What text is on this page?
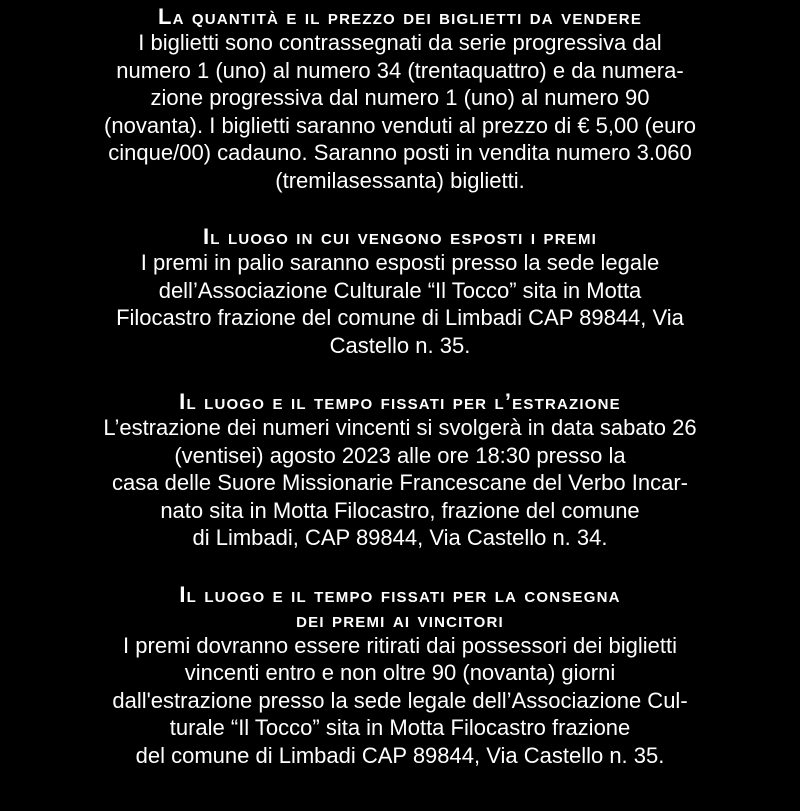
La quantità e il prezzo dei biglietti da vendere
I biglietti sono contrassegnati da serie progressiva dal
numero 1 (uno) al numero 34 (trentaquattro) e da numera-
zione progressiva dal numero 1 (uno) al numero 90
(novanta). I biglietti saranno venduti al prezzo di € 5,00 (euro
cinque/00) cadauno. Saranno posti in vendita numero 3.060
(tremilasessanta) biglietti.
Il luogo in cui vengono esposti i premi
I premi in palio saranno esposti presso la sede legale
dell’Associazione Culturale “Il Tocco” sita in Motta
Filocastro frazione del comune di Limbadi CAP 89844, Via
Castello n. 35.
Il luogo e il tempo fissati per l’estrazione
L’estrazione dei numeri vincenti si svolgerà in data sabato 26
(ventisei) agosto 2023 alle ore 18:30 presso la
casa delle Suore Missionarie Francescane del Verbo Incar-
nato sita in Motta Filocastro, frazione del comune
di Limbadi, CAP 89844, Via Castello n. 34.
Il luogo e il tempo fissati per la consegna
dei premi ai vincitori
I premi dovranno essere ritirati dai possessori dei biglietti
vincenti entro e non oltre 90 (novanta) giorni
dall'estrazione presso la sede legale dell’Associazione Cul-
turale “Il Tocco” sita in Motta Filocastro frazione
del comune di Limbadi CAP 89844, Via Castello n. 35.
